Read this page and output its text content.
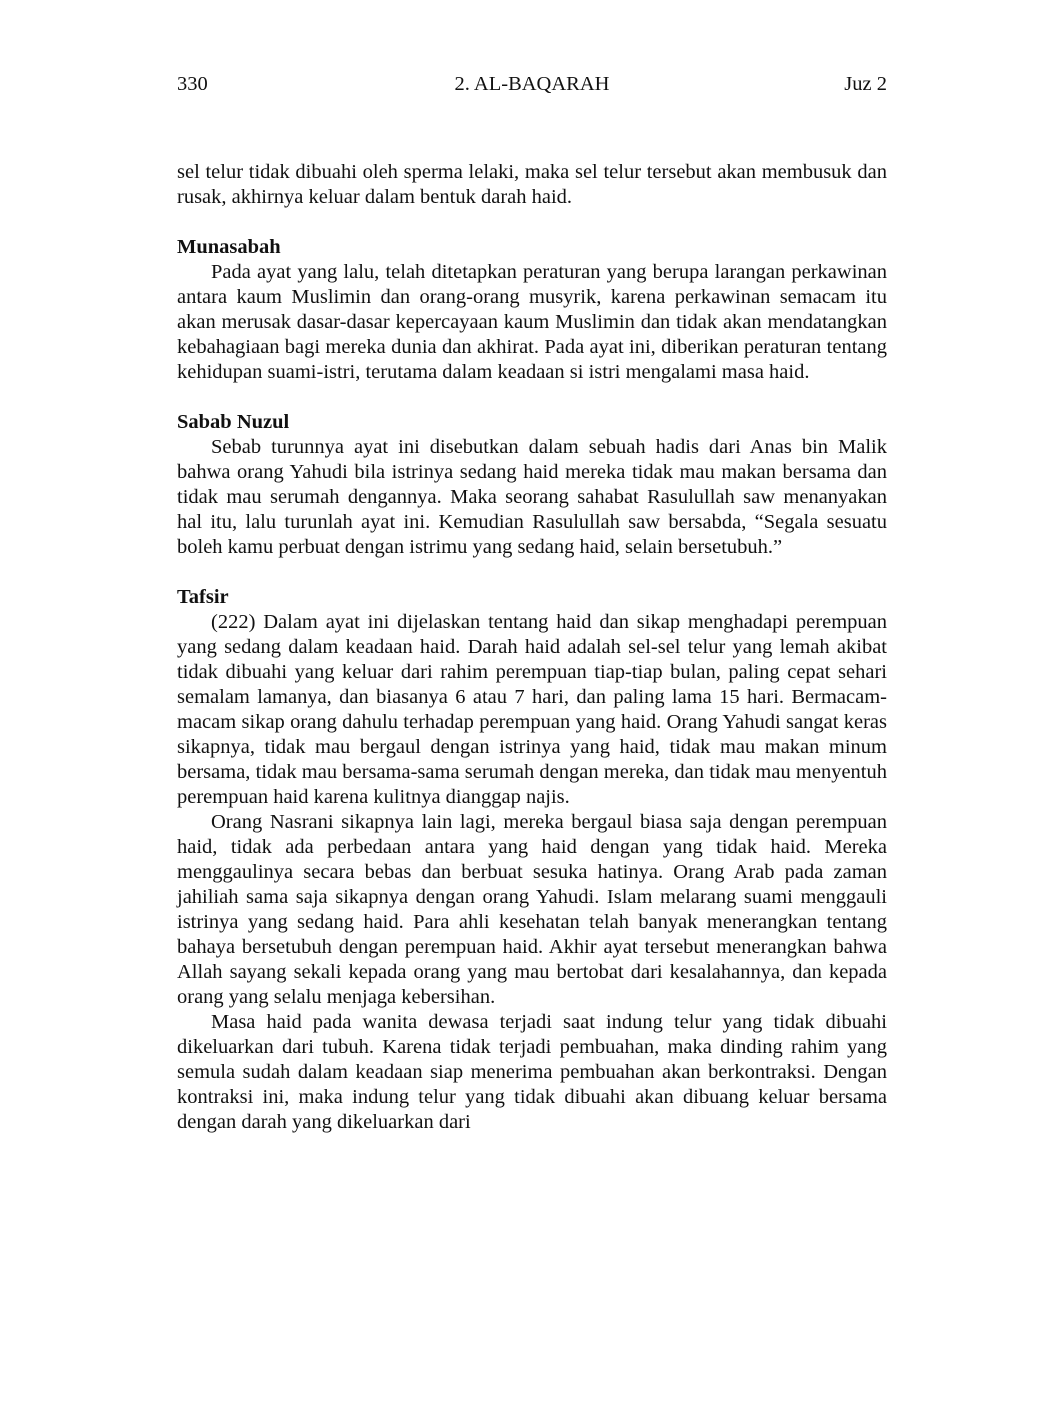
330	2. AL-BAQARAH	Juz 2

sel telur tidak dibuahi oleh sperma lelaki, maka sel telur tersebut akan membusuk dan rusak, akhirnya keluar dalam bentuk darah haid.

Munasabah

Pada ayat yang lalu, telah ditetapkan peraturan yang berupa larangan perkawinan antara kaum Muslimin dan orang-orang musyrik, karena perkawinan semacam itu akan merusak dasar-dasar kepercayaan kaum Muslimin dan tidak akan mendatangkan kebahagiaan bagi mereka dunia dan akhirat. Pada ayat ini, diberikan peraturan tentang kehidupan suami-istri, terutama dalam keadaan si istri mengalami masa haid.

Sabab Nuzul

Sebab turunnya ayat ini disebutkan dalam sebuah hadis dari Anas bin Malik bahwa orang Yahudi bila istrinya sedang haid mereka tidak mau makan bersama dan tidak mau serumah dengannya. Maka seorang sahabat Rasulullah saw menanyakan hal itu, lalu turunlah ayat ini. Kemudian Rasulullah saw bersabda, “Segala sesuatu boleh kamu perbuat dengan istrimu yang sedang haid, selain bersetubuh.”

Tafsir

(222) Dalam ayat ini dijelaskan tentang haid dan sikap menghadapi perempuan yang sedang dalam keadaan haid. Darah haid adalah sel-sel telur yang lemah akibat tidak dibuahi yang keluar dari rahim perempuan tiap-tiap bulan, paling cepat sehari semalam lamanya, dan biasanya 6 atau 7 hari, dan paling lama 15 hari. Bermacam-macam sikap orang dahulu terhadap perempuan yang haid. Orang Yahudi sangat keras sikapnya, tidak mau bergaul dengan istrinya yang haid, tidak mau makan minum bersama, tidak mau bersama-sama serumah dengan mereka, dan tidak mau menyentuh perempuan haid karena kulitnya dianggap najis.

Orang Nasrani sikapnya lain lagi, mereka bergaul biasa saja dengan perempuan haid, tidak ada perbedaan antara yang haid dengan yang tidak haid. Mereka menggaulinya secara bebas dan berbuat sesuka hatinya. Orang Arab pada zaman jahiliah sama saja sikapnya dengan orang Yahudi. Islam melarang suami menggauli istrinya yang sedang haid. Para ahli kesehatan telah banyak menerangkan tentang bahaya bersetubuh dengan perempuan haid. Akhir ayat tersebut menerangkan bahwa Allah sayang sekali kepada orang yang mau bertobat dari kesalahannya, dan kepada orang yang selalu menjaga kebersihan.

Masa haid pada wanita dewasa terjadi saat indung telur yang tidak dibuahi dikeluarkan dari tubuh. Karena tidak terjadi pembuahan, maka dinding rahim yang semula sudah dalam keadaan siap menerima pembuahan akan berkontraksi. Dengan kontraksi ini, maka indung telur yang tidak dibuahi akan dibuang keluar bersama dengan darah yang dikeluarkan dari
